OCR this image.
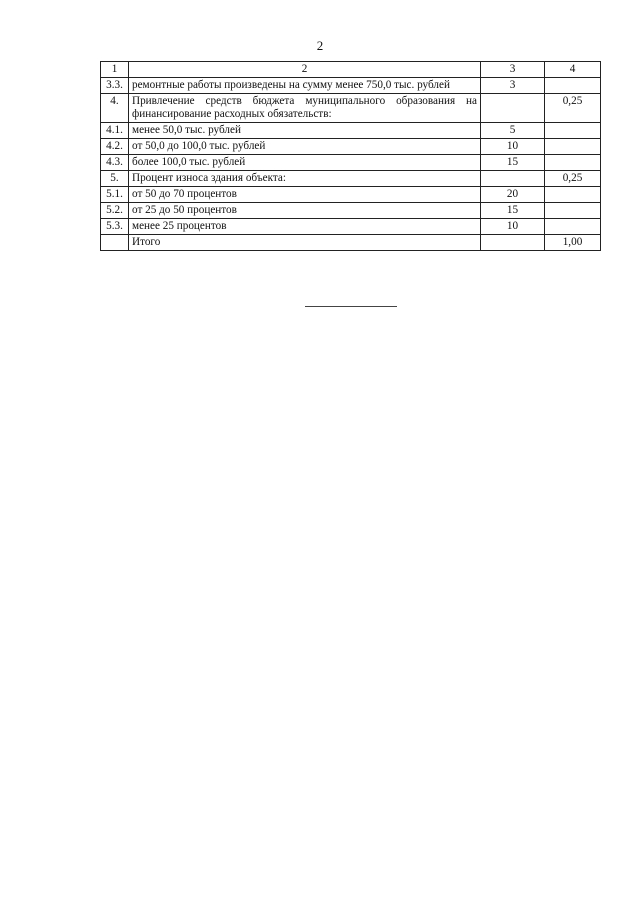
2
1	2	3	4
3.3.	ремонтные работы произведены на сумму менее 750,0 тыс. рублей	3	
4.	Привлечение средств бюджета муниципального образования на финансирование расходных обязательств:		0,25
4.1.	менее 50,0 тыс. рублей	5	
4.2.	от 50,0 до 100,0 тыс. рублей	10	
4.3.	более 100,0 тыс. рублей	15	
5.	Процент износа здания объекта:		0,25
5.1.	от 50 до 70 процентов	20	
5.2.	от 25 до 50 процентов	15	
5.3.	менее 25 процентов	10	
	Итого		1,00
